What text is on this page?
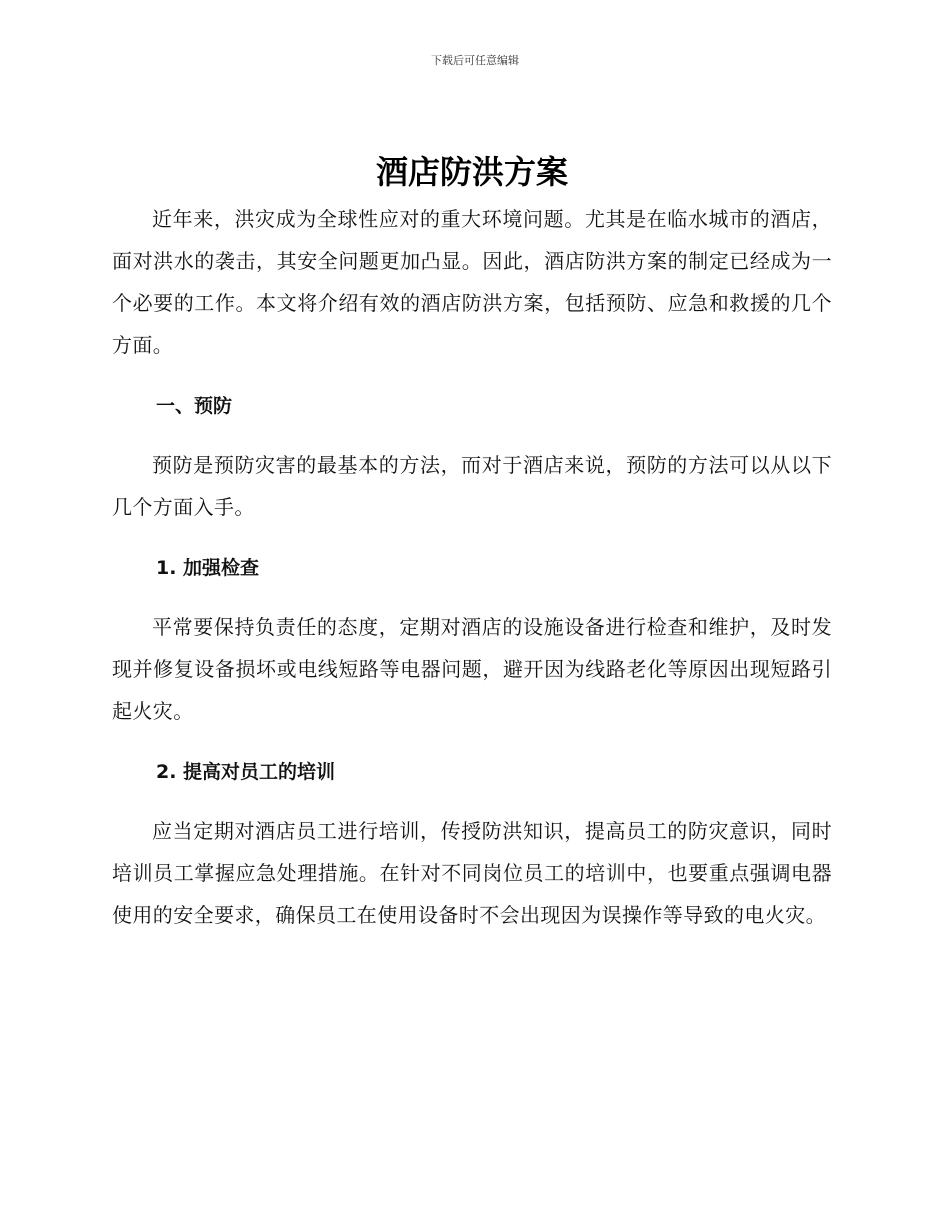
下载后可任意编辑
酒店防洪方案

近年来，洪灾成为全球性应对的重大环境问题。尤其是在临水城市的酒店，面对洪水的袭击，其安全问题更加凸显。因此，酒店防洪方案的制定已经成为一个必要的工作。本文将介绍有效的酒店防洪方案，包括预防、应急和救援的几个方面。

一、预防

预防是预防灾害的最基本的方法，而对于酒店来说，预防的方法可以从以下几个方面入手。

1. 加强检查

平常要保持负责任的态度，定期对酒店的设施设备进行检查和维护，及时发现并修复设备损坏或电线短路等电器问题，避开因为线路老化等原因出现短路引起火灾。

2. 提高对员工的培训

应当定期对酒店员工进行培训，传授防洪知识，提高员工的防灾意识，同时培训员工掌握应急处理措施。在针对不同岗位员工的培训中，也要重点强调电器使用的安全要求，确保员工在使用设备时不会出现因为误操作等导致的电火灾。
